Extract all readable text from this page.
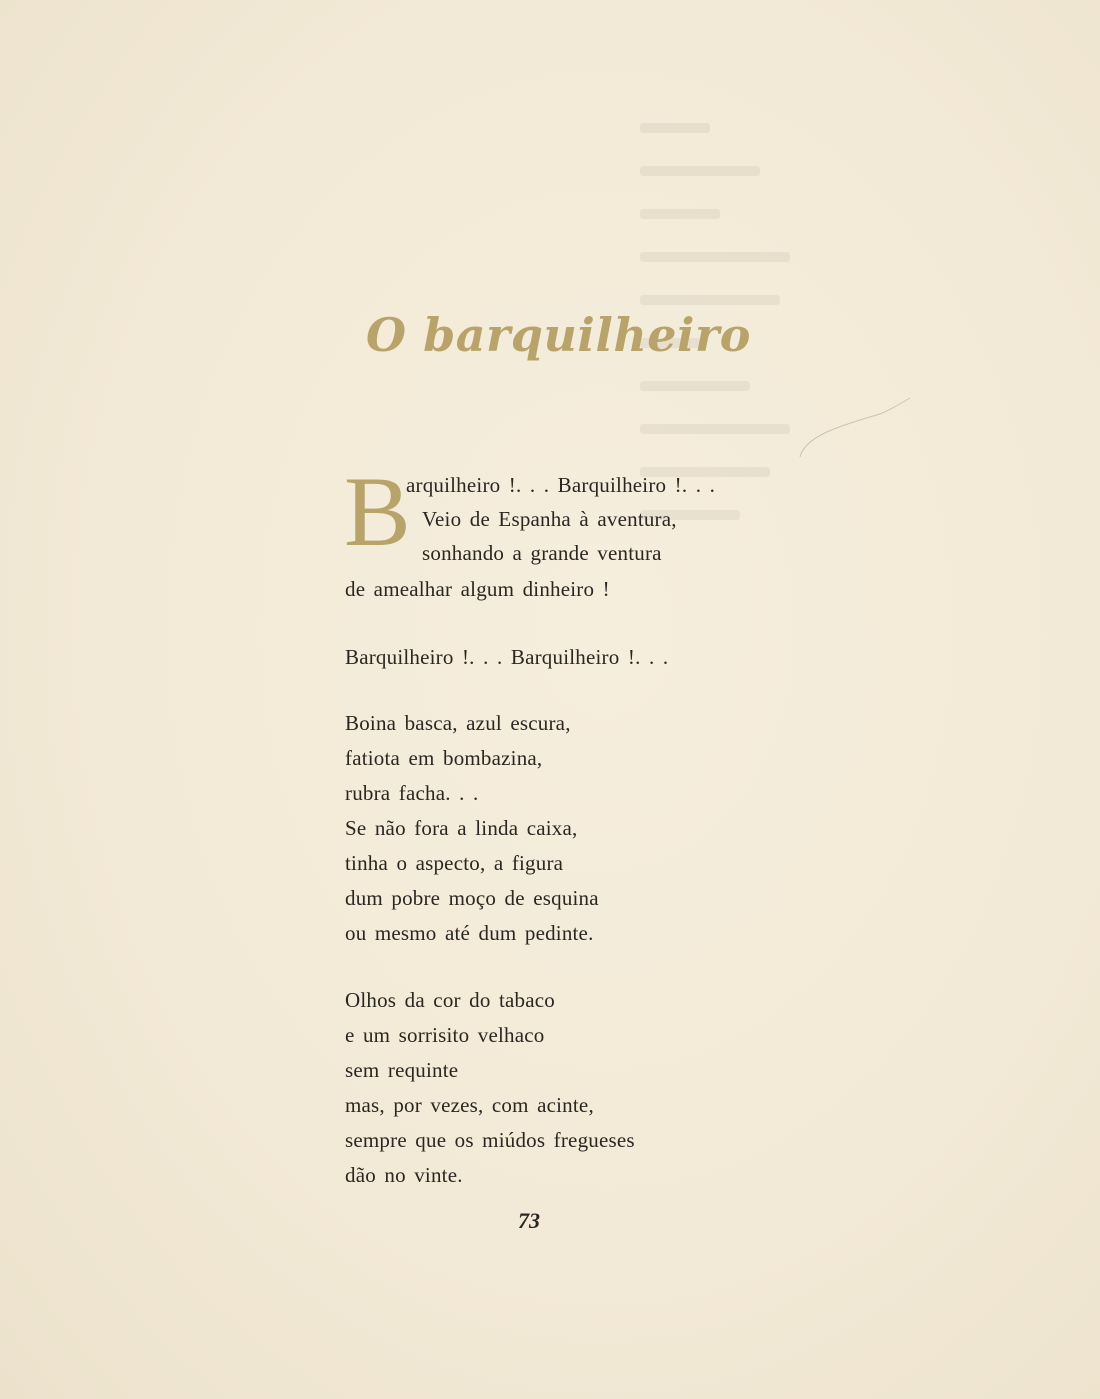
O barquilheiro
B
arquilheiro !. . . Barquilheiro !. . .
Veio de Espanha à aventura,
sonhando a grande ventura
de amealhar algum dinheiro !
Barquilheiro !. . . Barquilheiro !. . .
Boina basca, azul escura,
fatiota em bombazina,
rubra facha. . .
Se não fora a linda caixa,
tinha o aspecto, a figura
dum pobre moço de esquina
ou mesmo até dum pedinte.
Olhos da cor do tabaco
e um sorrisito velhaco
sem requinte
mas, por vezes, com acinte,
sempre que os miúdos fregueses
dão no vinte.
73
